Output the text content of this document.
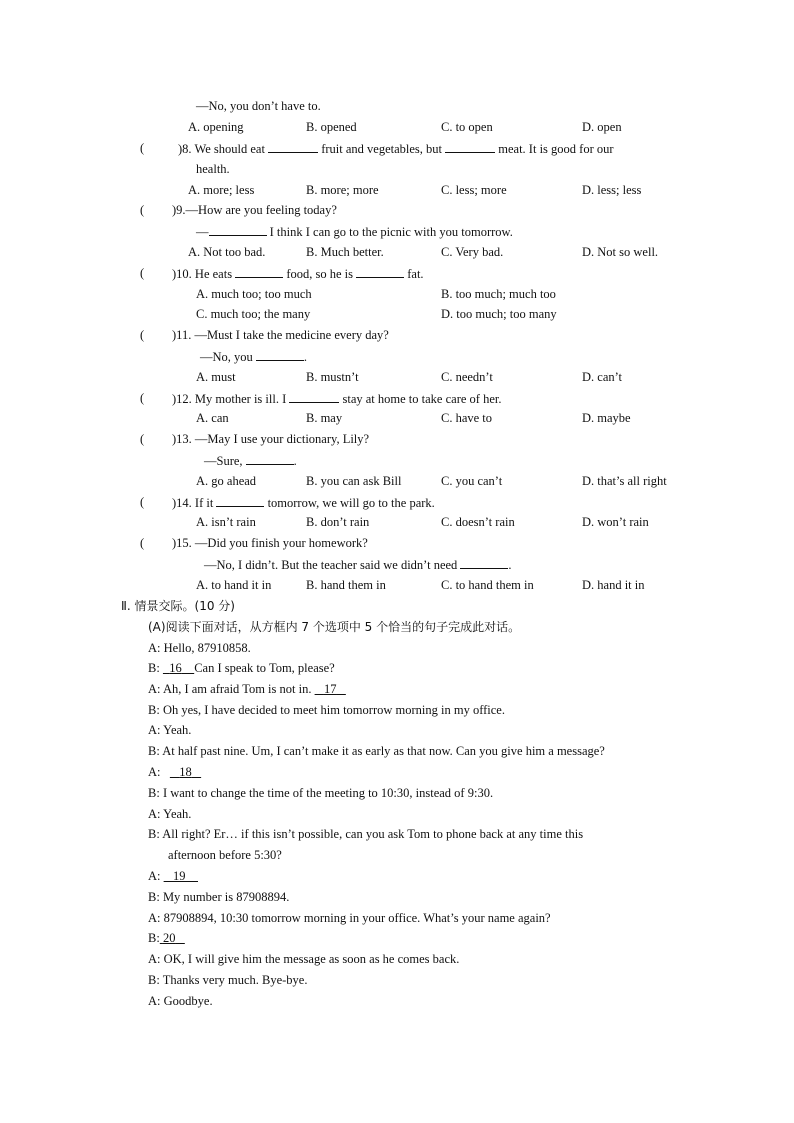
—No, you don’t have to.
A. opening	B. opened	C. to open	D. open
(	)8. We should eat	fruit and vegetables, but	meat. It is good for our
health.
A. more; less	B. more; more	C. less; more	D. less; less
( )9.—How are you feeling today?
—	I think I can go to the picnic with you tomorrow.
A. Not too bad.	B. Much better.	C. Very bad.	D. Not so well.
( )10. He eats	food, so he is	fat.
A. much too; too much	B. too much; much too
C. much too; the many	D. too much; too many
( )11. —Must I take the medicine every day?
—No, you	.
A. must	B. mustn’t	C. needn’t	D. can’t
( )12. My mother is ill. I	stay at home to take care of her.
A. can	B. may	C. have to	D. maybe
( )13. —May I use your dictionary, Lily?
—Sure,	.
A. go ahead	B. you can ask Bill	C. you can’t	D. that’s all right
( )14. If it	tomorrow, we will go to the park.
A. isn’t rain	B. don’t rain	C. doesn’t rain	D. won’t rain
( )15. —Did you finish your homework?
—No, I didn’t. But the teacher said we didn’t need	.
A. to hand it in	B. hand them in	C. to hand them in	D. hand it in
Ⅱ. 情景交际。(10 分)
(A)阅读下面对话，从方框内 7 个选项中 5 个恰当的句子完成此对话。
A: Hello, 87910858.
B: 16 Can I speak to Tom, please?
A: Ah, I am afraid Tom is not in. 17
B: Oh yes, I have decided to meet him tomorrow morning in my office.
A: Yeah.
B: At half past nine. Um, I can’t make it as early as that now. Can you give him a message?
A: 18
B: I want to change the time of the meeting to 10:30, instead of 9:30.
A: Yeah.
B: All right? Er… if this isn’t possible, can you ask Tom to phone back at any time this
afternoon before 5:30?
A: 19
B: My number is 87908894.
A: 87908894, 10:30 tomorrow morning in your office. What’s your name again?
B: 20
A: OK, I will give him the message as soon as he comes back.
B: Thanks very much. Bye-bye.
A: Goodbye.
